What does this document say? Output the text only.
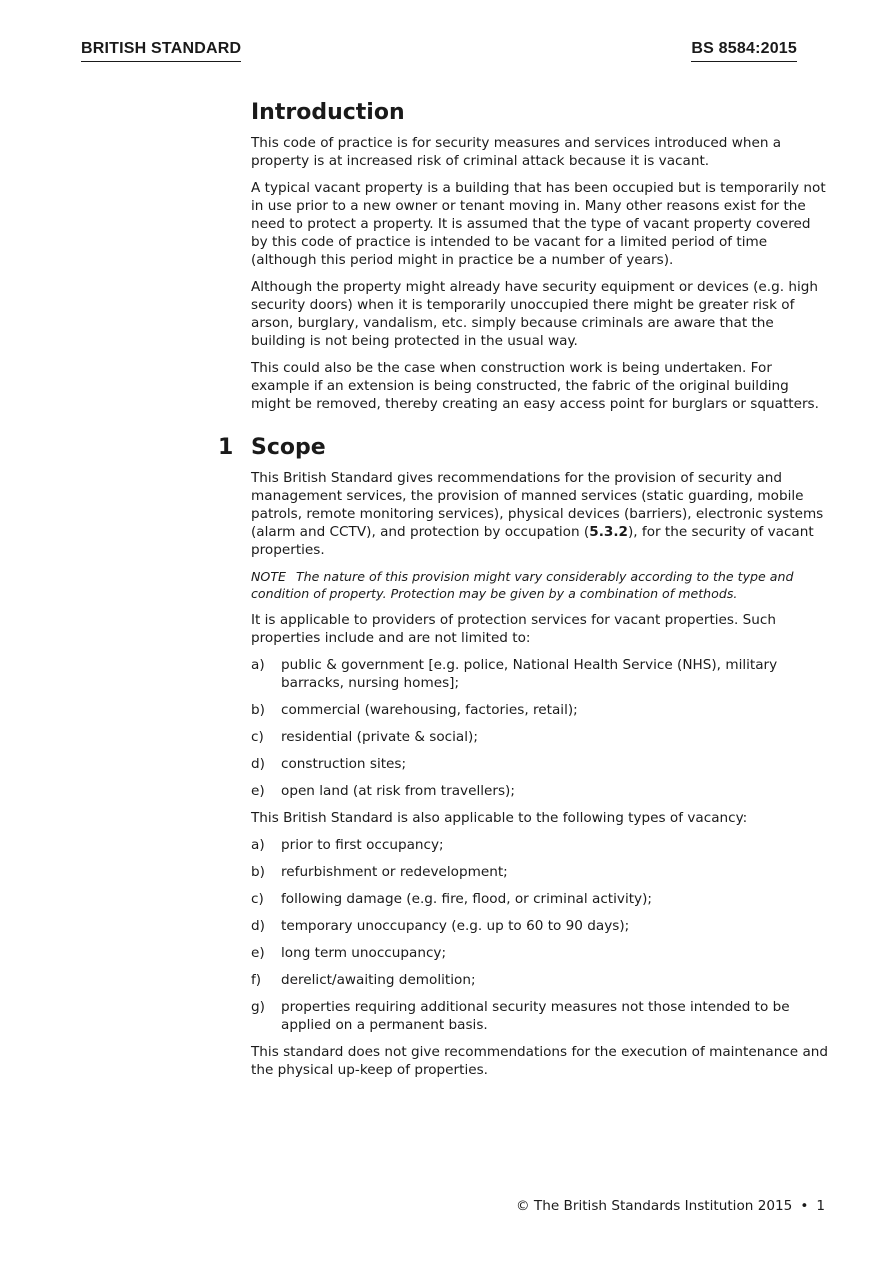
BRITISH STANDARD	BS 8584:2015
Introduction

This code of practice is for security measures and services introduced when a property is at increased risk of criminal attack because it is vacant.

A typical vacant property is a building that has been occupied but is temporarily not in use prior to a new owner or tenant moving in. Many other reasons exist for the need to protect a property. It is assumed that the type of vacant property covered by this code of practice is intended to be vacant for a limited period of time (although this period might in practice be a number of years).

Although the property might already have security equipment or devices (e.g. high security doors) when it is temporarily unoccupied there might be greater risk of arson, burglary, vandalism, etc. simply because criminals are aware that the building is not being protected in the usual way.

This could also be the case when construction work is being undertaken. For example if an extension is being constructed, the fabric of the original building might be removed, thereby creating an easy access point for burglars or squatters.

1 Scope

This British Standard gives recommendations for the provision of security and management services, the provision of manned services (static guarding, mobile patrols, remote monitoring services), physical devices (barriers), electronic systems (alarm and CCTV), and protection by occupation (5.3.2), for the security of vacant properties.

NOTE The nature of this provision might vary considerably according to the type and condition of property. Protection may be given by a combination of methods.

It is applicable to providers of protection services for vacant properties. Such properties include and are not limited to:

a) public & government [e.g. police, National Health Service (NHS), military barracks, nursing homes];
b) commercial (warehousing, factories, retail);
c) residential (private & social);
d) construction sites;
e) open land (at risk from travellers);

This British Standard is also applicable to the following types of vacancy:

a) prior to first occupancy;
b) refurbishment or redevelopment;
c) following damage (e.g. fire, flood, or criminal activity);
d) temporary unoccupancy (e.g. up to 60 to 90 days);
e) long term unoccupancy;
f) derelict/awaiting demolition;
g) properties requiring additional security measures not those intended to be applied on a permanent basis.

This standard does not give recommendations for the execution of maintenance and the physical up-keep of properties.

© The British Standards Institution 2015 • 1
